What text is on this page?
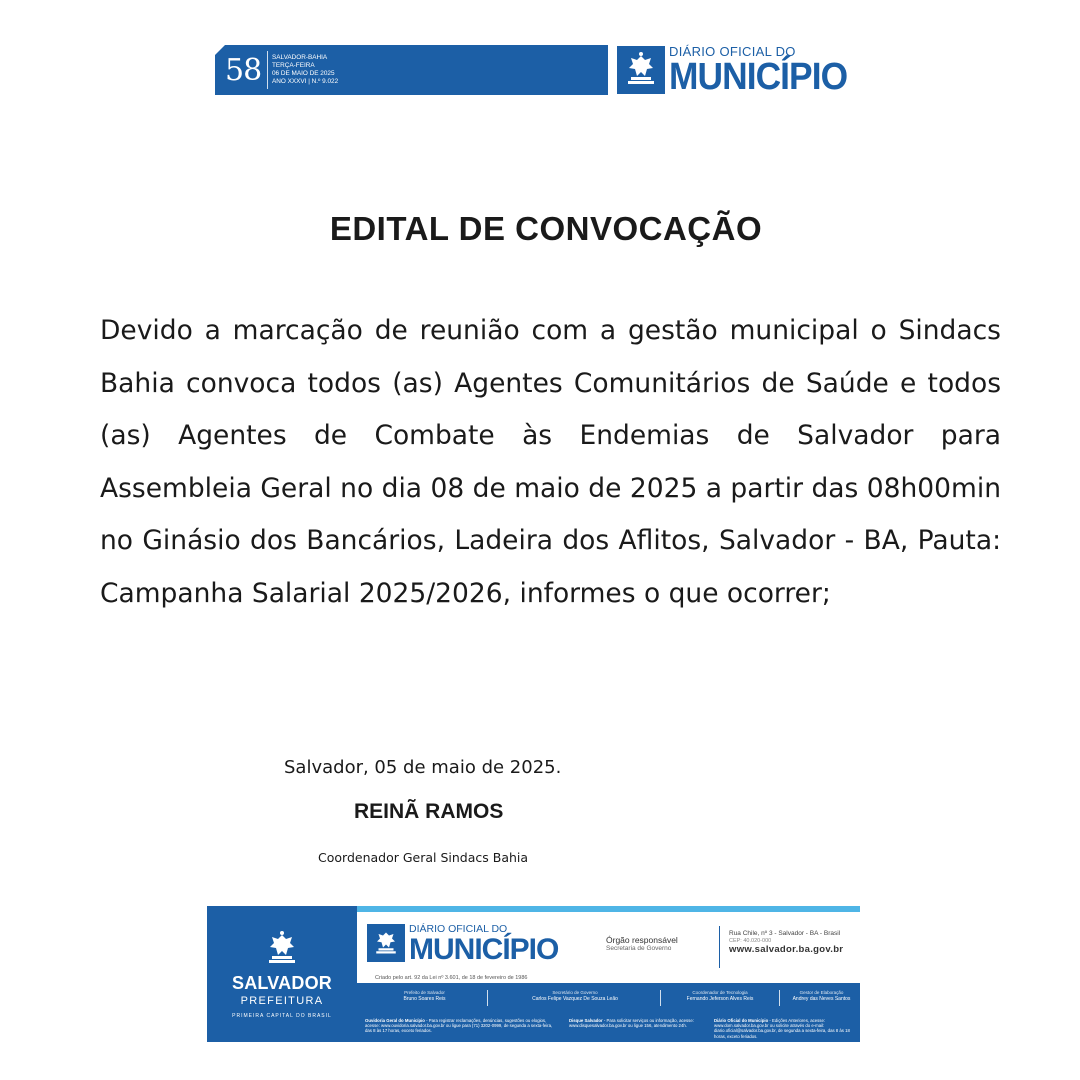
58	SALVADOR-BAHIA
TERÇA-FEIRA
06 DE MAIO DE 2025
ANO XXXVI | N.º 9.022
DIÁRIO OFICIAL DO
MUNICÍPIO
EDITAL DE CONVOCAÇÃO
Devido a marcação de reunião com a gestão municipal o Sindacs Bahia convoca todos (as) Agentes Comunitários de Saúde e todos (as) Agentes de Combate às Endemias de Salvador para Assembleia Geral no dia 08 de maio de 2025 a partir das 08h00min no Ginásio dos Bancários, Ladeira dos Aflitos, Salvador - BA, Pauta: Campanha Salarial 2025/2026, informes o que ocorrer;
Salvador, 05 de maio de 2025.
REINÃ RAMOS
Coordenador Geral Sindacs Bahia
SALVADOR
PREFEITURA
PRIMEIRA CAPITAL DO BRASIL
DIÁRIO OFICIAL DO
MUNICÍPIO
Criado pelo art. 92 da Lei nº 3.601, de 18 de fevereiro de 1986
Órgão responsável
Secretaria de Governo
Rua Chile, nº 3 - Salvador - BA - Brasil
CEP: 40.020-000
www.salvador.ba.gov.br
Prefeito de Salvador
Bruno Soares Reis
Secretário de Governo
Carlos Felipe Vazquez De Souza Leão
Coordenador de Tecnologia
Fernando Jeferson Alves Reis
Gestor de Elaboração
Andrey das Neves Santos
Ouvidoria Geral do Município - Para registrar reclamações, denúncias, sugestões ou elogios, acesse: www.ouvidoria.salvador.ba.gov.br ou ligue para (71) 3202-0999, de segunda a sexta-feira, das 8 às 17 horas, exceto feriados.
Disque Salvador - Para solicitar serviços ou informação, acesse: www.disquesalvador.ba.gov.br ou ligue 156, atendimento 24h.
Diário Oficial do Município - Edições Anteriores, acesse: www.dom.salvador.ba.gov.br ou solicite através do e-mail: diario.oficial@salvador.ba.gov.br, de segunda a sexta-feira, das 8 às 18 horas, exceto feriados.
